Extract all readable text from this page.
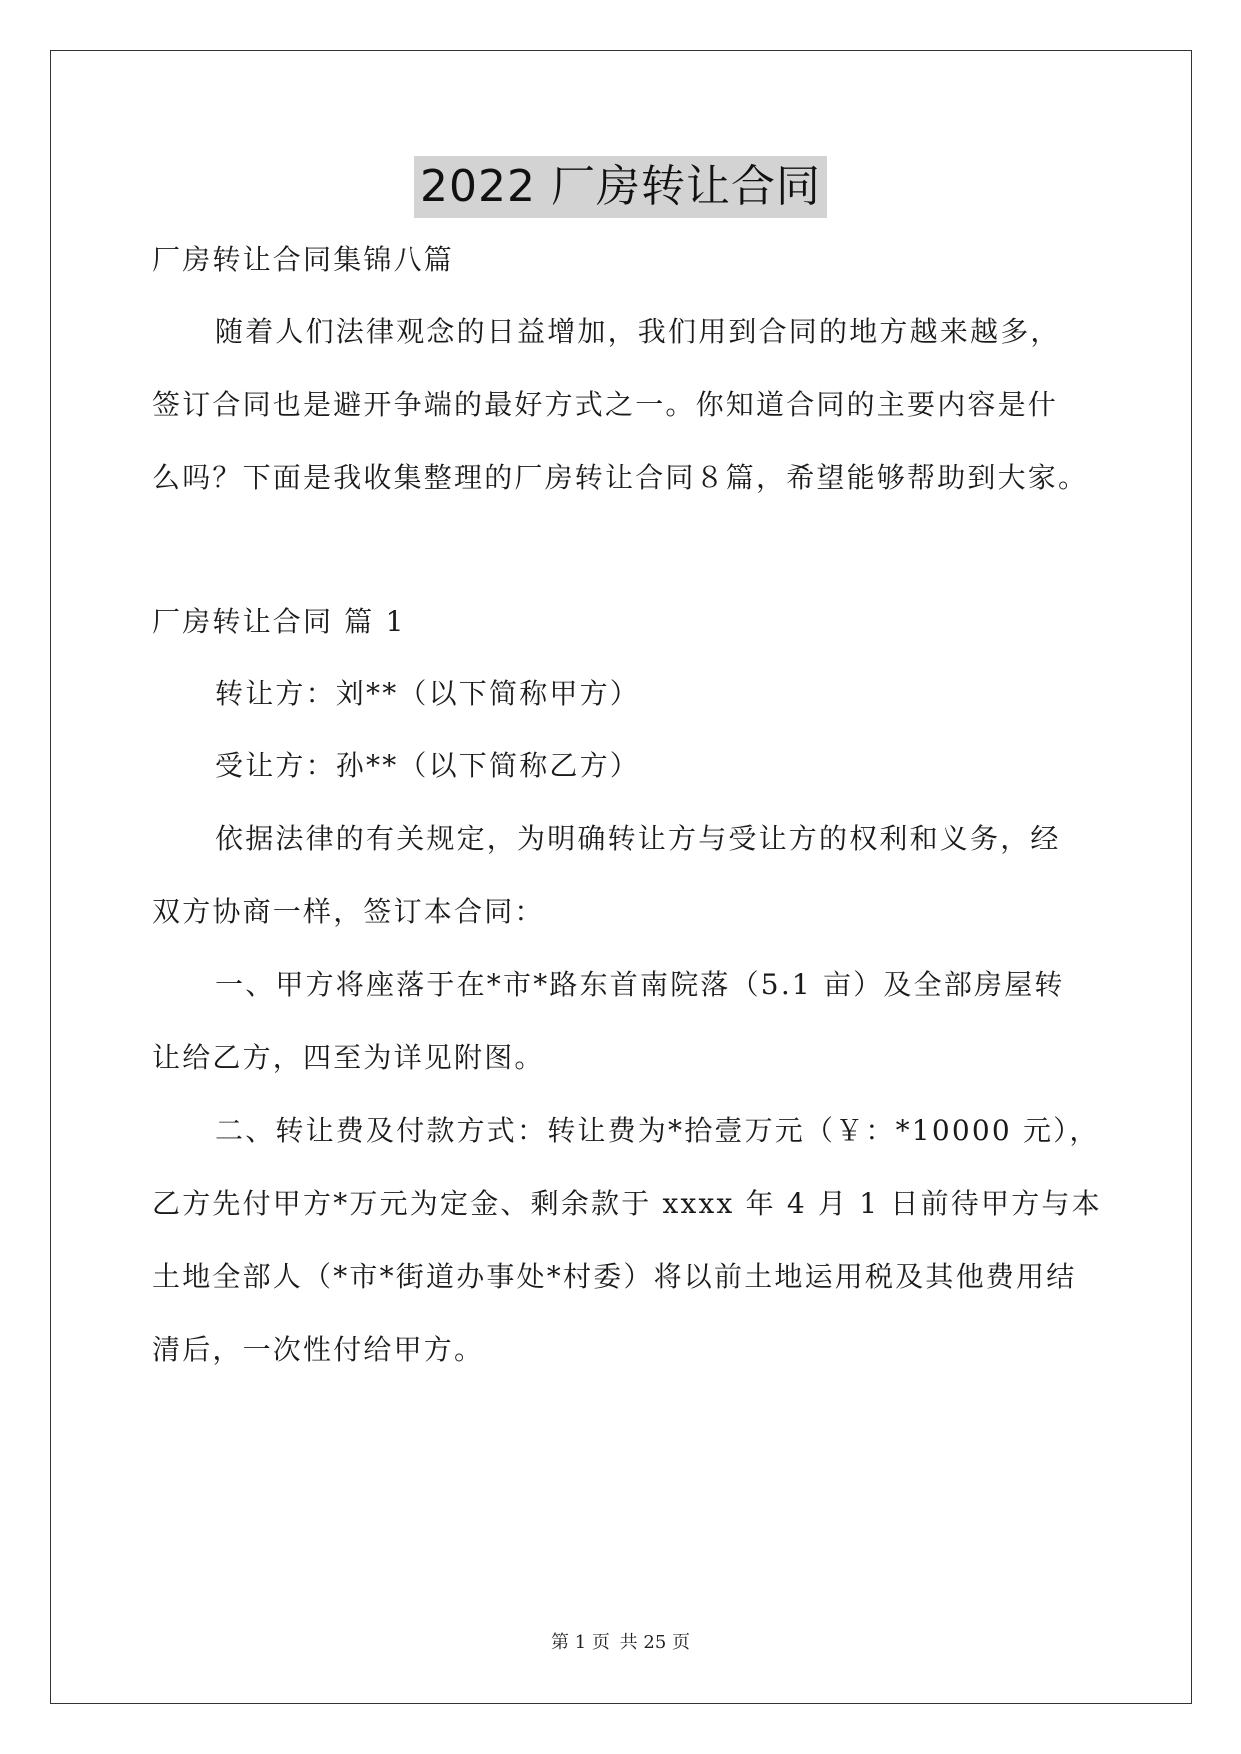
2022 厂房转让合同
厂房转让合同集锦八篇
随着人们法律观念的日益增加，我们用到合同的地方越来越多，
签订合同也是避开争端的最好方式之一。你知道合同的主要内容是什
么吗？下面是我收集整理的厂房转让合同８篇，希望能够帮助到大家。
厂房转让合同 篇 1
转让方：刘**（以下简称甲方）
受让方：孙**（以下简称乙方）
依据法律的有关规定，为明确转让方与受让方的权利和义务，经
双方协商一样，签订本合同：
一、甲方将座落于在*市*路东首南院落（5.1 亩）及全部房屋转
让给乙方，四至为详见附图。
二、转让费及付款方式：转让费为*拾壹万元（￥：*10000 元），
乙方先付甲方*万元为定金、剩余款于 xxxx 年 4 月 1 日前待甲方与本
土地全部人（*市*街道办事处*村委）将以前土地运用税及其他费用结
清后，一次性付给甲方。
第 1 页 共 25 页
